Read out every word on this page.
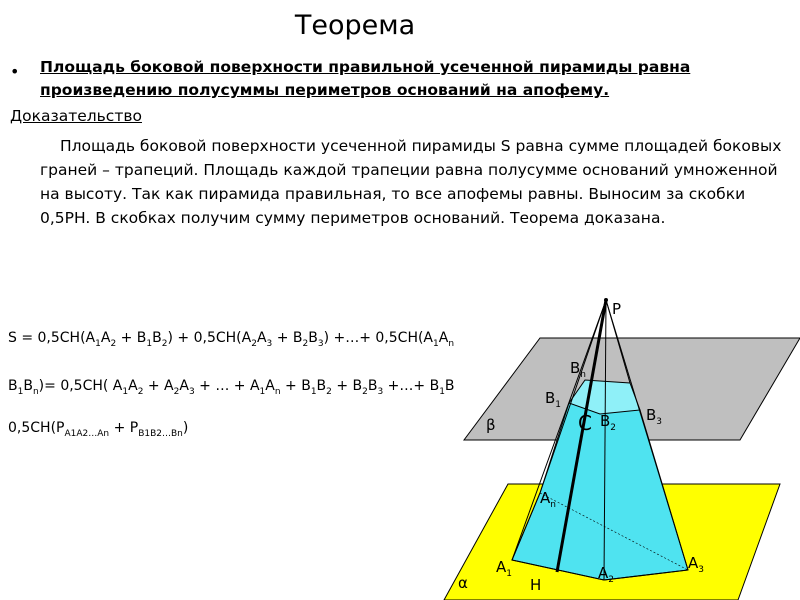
Теорема
• Площадь боковой поверхности правильной усеченной пирамиды равна произведению полусуммы периметров оснований на апофему.
Доказательство
Площадь боковой поверхности усеченной пирамиды S равна сумме площадей боковых граней – трапеций. Площадь каждой трапеции равна полусумме оснований умноженной на высоту. Так как пирамида правильная, то все апофемы равны. Выносим за скобки 0,5PH. В скобках получим сумму периметров оснований. Теорема доказана.
$S = 0,5CH(A_1A_2 + B_1B_2) + 0,5CH(A_2A_3 + B_2B_3)$ +…+ $0,5CH(A_1A_n$
$B_1B_n)= 0,5CH$( $A_1A_2 + A_2A_3$ + … + $A_1A_n + B_1B_2 + B_2B_3$ +…+ $B_1B$
$0,5CH(P_{A1A2\dots An} + P_{B1B2\dots Bn})$
P
$B_n$
$B_1$
$B_3$
$B_2$
C
β
$A_n$
$A_1$	$A_2$
$A_3$
H
α
